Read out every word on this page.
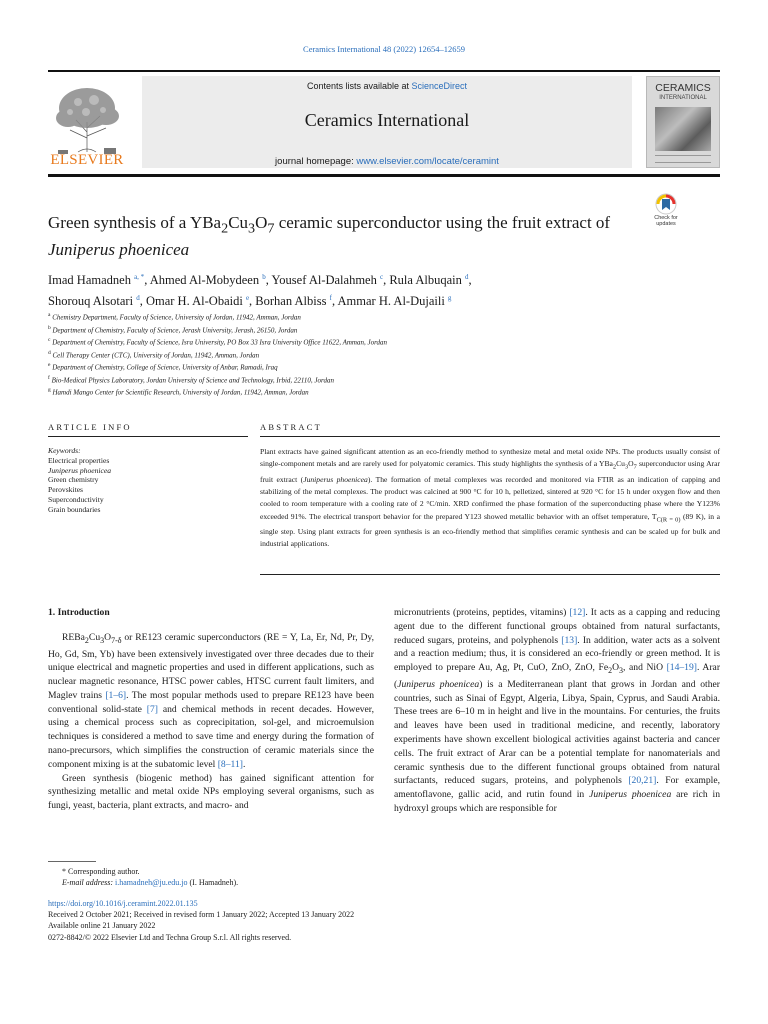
Ceramics International 48 (2022) 12654–12659
ELSEVIER
Contents lists available at ScienceDirect
Ceramics International
journal homepage: www.elsevier.com/locate/ceramint
CERAMICS
INTERNATIONAL
Green synthesis of a $YBa_2Cu_3O_7$ ceramic superconductor using the fruit extract of Juniperus phoenicea
Check for
updates
Imad Hamadneh $^{a, *}$, Ahmed Al-Mobydeen $^b$, Yousef Al-Dalahmeh $^c$, Rula Albuqain $^d$,
Shorouq Alsotari $^d$, Omar H. Al-Obaidi $^e$, Borhan Albiss $^f$, Ammar H. Al-Dujaili $^g$
$^a$ Chemistry Department, Faculty of Science, University of Jordan, 11942, Amman, Jordan
$^b$ Department of Chemistry, Faculty of Science, Jerash University, Jerash, 26150, Jordan
$^c$ Department of Chemistry, Faculty of Science, Isra University, PO Box 33 Isra University Office 11622, Amman, Jordan
$^d$ Cell Therapy Center (CTC), University of Jordan, 11942, Amman, Jordan
$^e$ Department of Chemistry, College of Science, University of Anbar, Ramadi, Iraq
$^f$ Bio-Medical Physics Laboratory, Jordan University of Science and Technology, Irbid, 22110, Jordan
$^g$ Hamdi Mango Center for Scientific Research, University of Jordan, 11942, Amman, Jordan
ARTICLE INFO	ABSTRACT
Keywords:
Electrical properties
Juniperus phoenicea
Green chemistry
Perovskites
Superconductivity
Grain boundaries
Plant extracts have gained significant attention as an eco-friendly method to synthesize metal and metal oxide NPs. The products usually consist of single-component metals and are rarely used for polyatomic ceramics. This study highlights the synthesis of a $YBa_2Cu_3O_7$ superconductor using Arar fruit extract (Juniperus phoenicea). The formation of metal complexes was recorded and monitored via FTIR as an indication of capping and stabilizing of the metal complexes. The product was calcined at 900 °C for 10 h, pelletized, sintered at 920 °C for 15 h under oxygen flow and then cooled to room temperature with a cooling rate of 2 °C/min. XRD confirmed the phase formation of the superconducting phase where the Y123% exceeded 91%. The electrical transport behavior for the prepared Y123 showed metallic behavior with an offset temperature, $T_{C(R = 0)}$ (89 K), in a single step. Using plant extracts for green synthesis is an eco-friendly method that simplifies ceramic synthesis and can be scaled up for bulk and industrial applications.
1. Introduction

$REBa_2Cu_3O_{7-\delta}$ or RE123 ceramic superconductors (RE = Y, La, Er, Nd, Pr, Dy, Ho, Gd, Sm, Yb) have been extensively investigated over three decades due to their unique electrical and magnetic properties and used in different applications, such as nuclear magnetic resonance, HTSC power cables, HTSC current fault limiters, and Maglev trains [1–6]. The most popular methods used to prepare RE123 have been conventional solid-state [7] and chemical methods in recent decades. However, using a chemical process such as coprecipitation, sol-gel, and microemulsion techniques is considered a method to save time and energy during the formation of nano-precursors, which simplifies the construction of ceramic materials since the component mixing is at the subatomic level [8–11].

Green synthesis (biogenic method) has gained significant attention for synthesizing metallic and metal oxide NPs employing several organisms, such as fungi, yeast, bacteria, plant extracts, and macro- and

micronutrients (proteins, peptides, vitamins) [12]. It acts as a capping and reducing agent due to the different functional groups obtained from natural surfactants, reduced sugars, proteins, and polyphenols [13]. In addition, water acts as a solvent and a reaction medium; thus, it is considered an eco-friendly or green method. It is employed to prepare Au, Ag, Pt, CuO, ZnO, ZnO, $Fe_2O_3$, and NiO [14–19]. Arar (Juniperus phoenicea) is a Mediterranean plant that grows in Jordan and other countries, such as Sinai of Egypt, Algeria, Libya, Spain, Cyprus, and Saudi Arabia. These trees are 6–10 m in height and live in the mountains. For centuries, the fruits and leaves have been used in traditional medicine, and recently, laboratory experiments have shown excellent biological activities against bacteria and cancer cells. The fruit extract of Arar can be a potential template for nanomaterials and ceramic synthesis due to the different functional groups obtained from natural surfactants, reduced sugars, proteins, and polyphenols [20,21]. For example, amentoflavone, gallic acid, and rutin found in Juniperus phoenicea are rich in hydroxyl groups which are responsible for

* Corresponding author.
E-mail address: i.hamadneh@ju.edu.jo (I. Hamadneh).
https://doi.org/10.1016/j.ceramint.2022.01.135
Received 2 October 2021; Received in revised form 1 January 2022; Accepted 13 January 2022
Available online 21 January 2022
0272-8842/© 2022 Elsevier Ltd and Techna Group S.r.l. All rights reserved.
